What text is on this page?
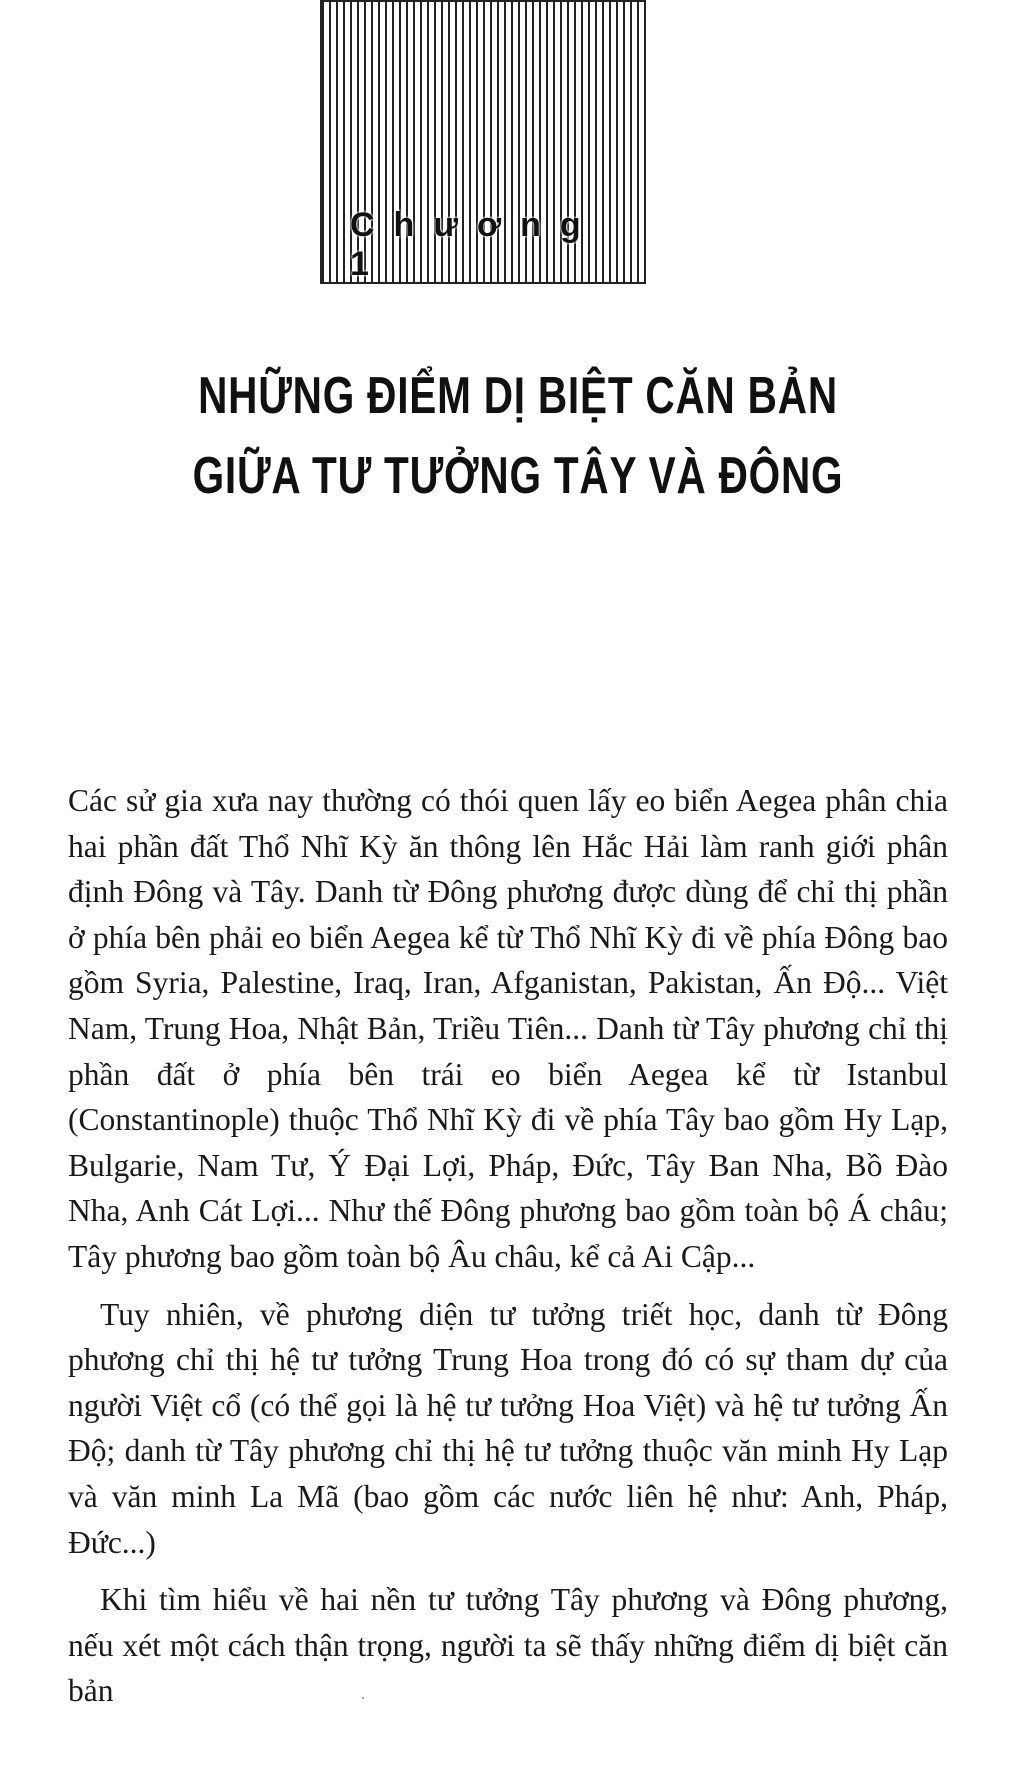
Chương 1
NHỮNG ĐIỂM DỊ BIỆT CĂN BẢN
GIỮA TƯ TƯỞNG TÂY VÀ ĐÔNG

Các sử gia xưa nay thường có thói quen lấy eo biển Aegea phân chia hai phần đất Thổ Nhĩ Kỳ ăn thông lên Hắc Hải làm ranh giới phân định Đông và Tây. Danh từ Đông phương được dùng để chỉ thị phần ở phía bên phải eo biển Aegea kể từ Thổ Nhĩ Kỳ đi về phía Đông bao gồm Syria, Palestine, Iraq, Iran, Afganistan, Pakistan, Ấn Độ... Việt Nam, Trung Hoa, Nhật Bản, Triều Tiên... Danh từ Tây phương chỉ thị phần đất ở phía bên trái eo biển Aegea kể từ Istanbul (Constantinople) thuộc Thổ Nhĩ Kỳ đi về phía Tây bao gồm Hy Lạp, Bulgarie, Nam Tư, Ý Đại Lợi, Pháp, Đức, Tây Ban Nha, Bồ Đào Nha, Anh Cát Lợi... Như thế Đông phương bao gồm toàn bộ Á châu; Tây phương bao gồm toàn bộ Âu châu, kể cả Ai Cập...

Tuy nhiên, về phương diện tư tưởng triết học, danh từ Đông phương chỉ thị hệ tư tưởng Trung Hoa trong đó có sự tham dự của người Việt cổ (có thể gọi là hệ tư tưởng Hoa Việt) và hệ tư tưởng Ấn Độ; danh từ Tây phương chỉ thị hệ tư tưởng thuộc văn minh Hy Lạp và văn minh La Mã (bao gồm các nước liên hệ như: Anh, Pháp, Đức...)

Khi tìm hiểu về hai nền tư tưởng Tây phương và Đông phương, nếu xét một cách thận trọng, người ta sẽ thấy những điểm dị biệt căn bản
